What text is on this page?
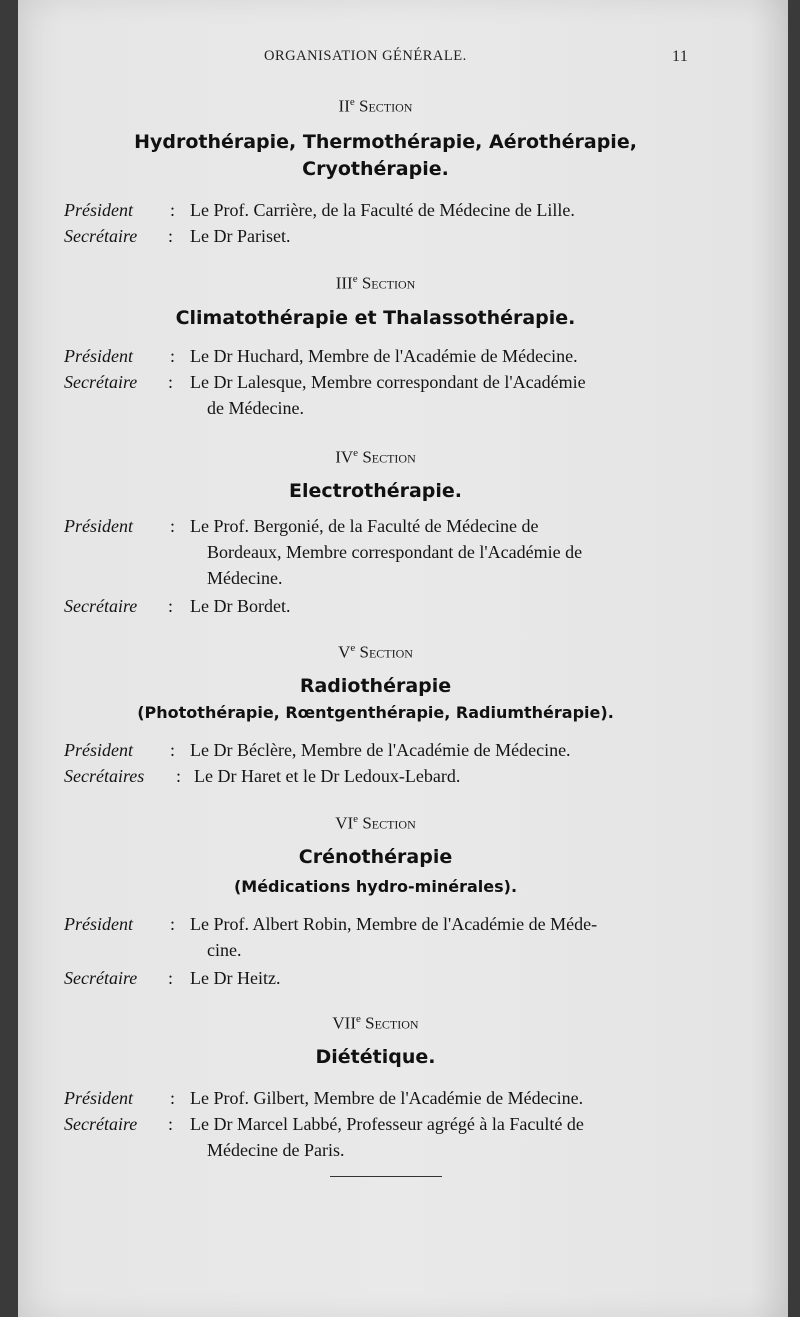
ORGANISATION GÉNÉRALE.	11
IIe Section
Hydrothérapie, Thermothérapie, Aérothérapie,
Cryothérapie.
Président	: Le Prof. Carrière, de la Faculté de Médecine de Lille.
Secrétaire	: Le Dr Pariset.
IIIe Section
Climatothérapie et Thalassothérapie.
Président	: Le Dr Huchard, Membre de l'Académie de Médecine.
Secrétaire	: Le Dr Lalesque, Membre correspondant de l'Académie
de Médecine.
IVe Section
Electrothérapie.
Président	: Le Prof. Bergonié, de la Faculté de Médecine de
Bordeaux, Membre correspondant de l'Académie de
Médecine.
Secrétaire	: Le Dr Bordet.
Ve Section
Radiothérapie
(Photothérapie, Rœntgenthérapie, Radiumthérapie).
Président	: Le Dr Béclère, Membre de l'Académie de Médecine.
Secrétaires	: Le Dr Haret et le Dr Ledoux-Lebard.
VIe Section
Crénothérapie
(Médications hydro-minérales).
Président	: Le Prof. Albert Robin, Membre de l'Académie de Méde-
cine.
Secrétaire	: Le Dr Heitz.
VIIe Section
Diététique.
Président	: Le Prof. Gilbert, Membre de l'Académie de Médecine.
Secrétaire	: Le Dr Marcel Labbé, Professeur agrégé à la Faculté de
Médecine de Paris.
